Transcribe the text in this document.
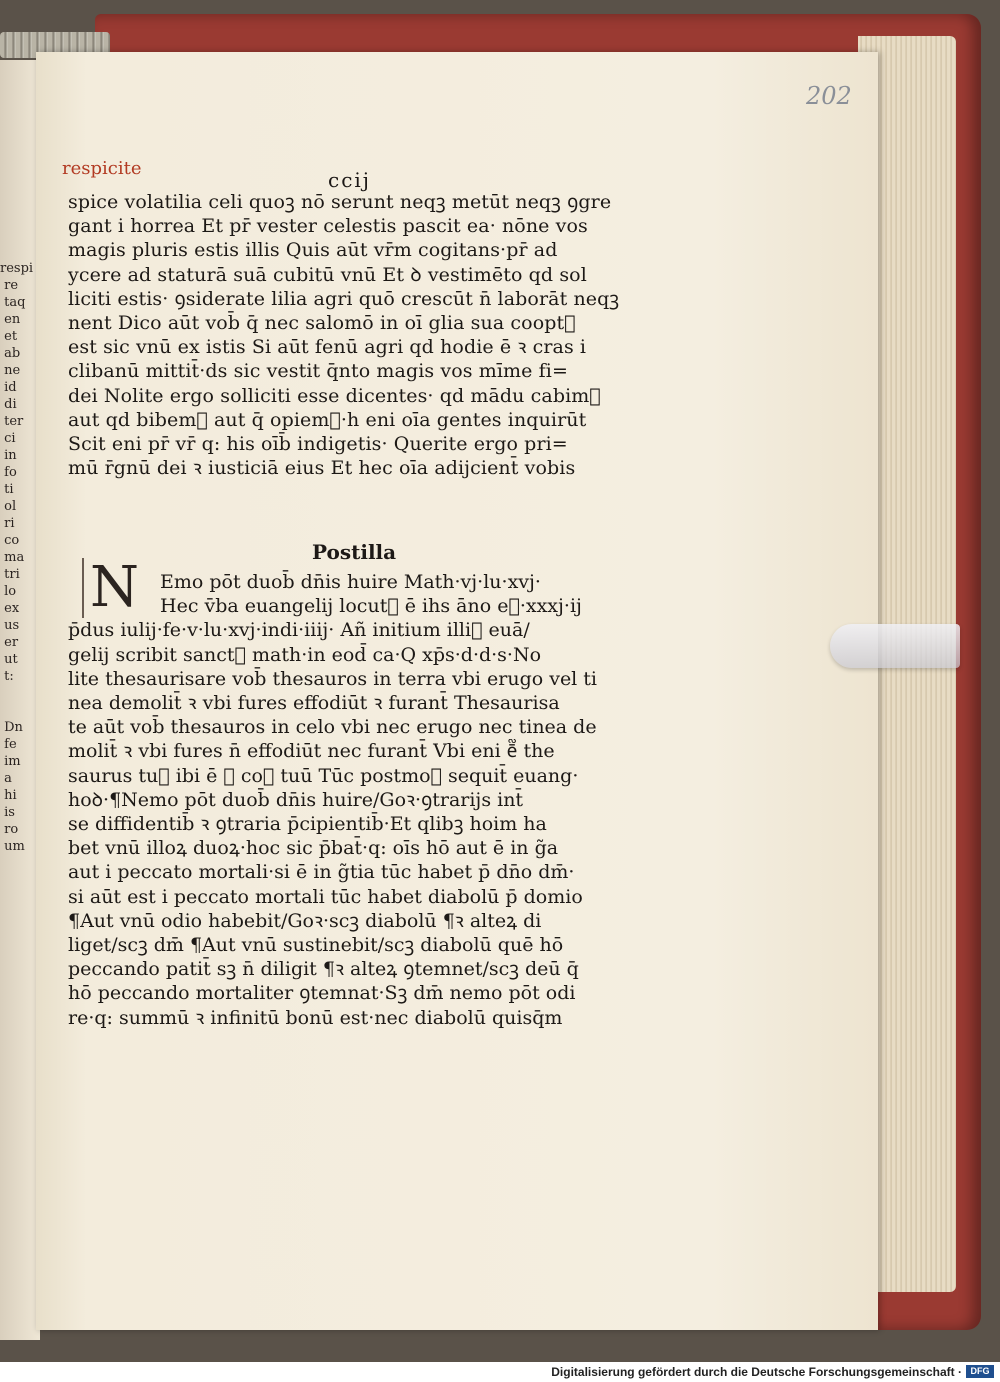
respi
re
taq
en
et
ab
ne
id
di
ter
ci
in
fo
ti
ol
ri
co
ma
tri
lo
ex
us
er
ut
t:

Dn
fe
im
a
hi
is
ro
um
202
respicite	ccij
spice volatilia celi quoꝫ nō serunt neqꝫ metūt neqꝫ ꝯgre
gant i horrea Et pr̄ vester celestis pascit ea· nōne vos
magis pluris estis illis Quis aūt vr̄m cogitans·pr̄ ad
ycere ad staturā suā cubitū vnū Et ꝺ vestimēto qd sol
liciti estis· ꝯsiderate lilia agri quō crescūt n̄ laborāt neqꝫ
nent Dico aūt vob̄ q̄ nec salomō in oī glia sua coopt᷑
est sic vnū ex istis Si aūt fenū agri qd hodie ē ꝛ cras i
clibanū mittit̄·ds sic vestit q̄nto magis vos mīme fi=
dei Nolite ergo solliciti esse dicentes· qd mādu cabim᷑
aut qd bibem᷑ aut q̄ opiem᷑·h eni oīa gentes inquirūt
Scit eni pr̄ vr̄ q: his oīb̄ indigetis· Querite ergo pri=
mū r̄gnū dei ꝛ iusticiā eius Et hec oīa adijcient̄ vobis
Postilla
N	Emo pōt duob̄ dn̄is huire Math·vj·lu·xvj·
Hec v̄ba euangelij locut᷑ ē ihs āno e᷑·xxxj·ij
p̄dus iulij·fe·v·lu·xvj·indi·iiij· Añ initium illi᷑ euā/
gelij scribit sanct᷑ math·in eod̄ ca·Q xp̄s·d·d·s·No
lite thesaurisare vob̄ thesauros in terra vbi erugo vel ti
nea demolit̄ ꝛ vbi fures effodiūt ꝛ furant̄ Thesaurisa
te aūt vob̄ thesauros in celo vbi nec erugo nec tinea de
molit̄ ꝛ vbi fures n̄ effodiūt nec furant̄ Vbi eni ē᷑ the
saurus tu᷑ ibi ē ꝛ coꝛ tuū Tūc postmoꝺ sequit̄ euang·
hoꝺ·¶Nemo pōt duob̄ dn̄is huire/Goꝛ·ꝯtrarijs int̄
se diffidentib̄ ꝛ ꝯtraria p̄cipientib̄·Et qlibꝫ hoim ha
bet vnū illoꝝ duoꝝ·hoc sic p̄bat̄·q: oīs hō aut ē in g̃a
aut i peccato mortali·si ē in g̃tia tūc habet p̄ dn̄o dm̄·
si aūt est i peccato mortali tūc habet diabolū p̄ domio
¶Aut vnū odio habebit/Goꝛ·scꝫ diabolū ¶ꝛ alteꝝ di
liget/scꝫ dm̄ ¶Aut vnū sustinebit/scꝫ diabolū quē hō
peccando patit̄ sꝫ n̄ diligit ¶ꝛ alteꝝ ꝯtemnet/scꝫ deū q̄
hō peccando mortaliter ꝯtemnat·Sꝫ dm̄ nemo pōt odi
re·q: summū ꝛ infinitū bonū est·nec diabolū quisq̄m
Digitalisierung gefördert durch die Deutsche Forschungsgemeinschaft · DFG
